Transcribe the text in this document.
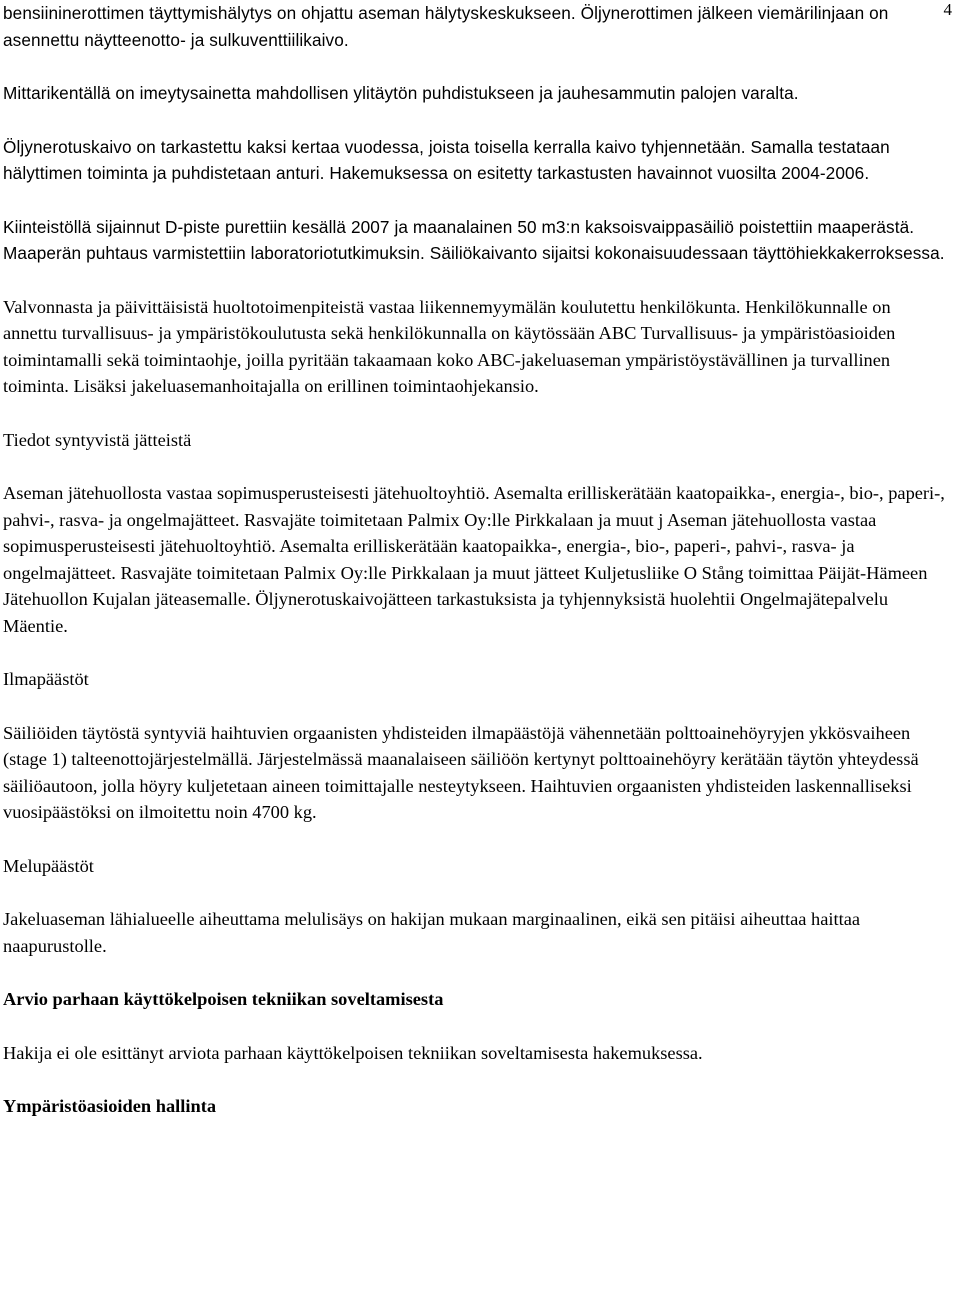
4

bensiininerottimen täyttymishälytys on ohjattu aseman hälytyskeskukseen. Öljynerottimen jälkeen viemärilinjaan on asennettu näytteenotto- ja sulkuventtiilikaivo.

Mittarikentällä on imeytysainetta mahdollisen ylitäytön puhdistukseen ja jauhesammutin palojen varalta.

Öljynerotuskaivo on tarkastettu kaksi kertaa vuodessa, joista toisella kerralla kaivo tyhjennetään. Samalla testataan hälyttimen toiminta ja puhdistetaan anturi. Hakemuksessa on esitetty tarkastusten havainnot vuosilta 2004-2006.

Kiinteistöllä sijainnut D-piste purettiin kesällä 2007 ja maanalainen 50 m3:n kaksoisvaippasäiliö poistettiin maaperästä. Maaperän puhtaus varmistettiin laboratoriotutkimuksin. Säiliökaivanto sijaitsi kokonaisuudessaan täyttöhiekkakerroksessa.

Valvonnasta ja päivittäisistä huoltotoimenpiteistä vastaa liikennemyymälän koulutettu henkilökunta. Henkilökunnalle on annettu turvallisuus- ja ympäristökoulutusta sekä henkilökunnalla on käytössään ABC Turvallisuus- ja ympäristöasioiden toimintamalli sekä toimintaohje, joilla pyritään takaamaan koko ABC-jakeluaseman ympäristöystävällinen ja turvallinen toiminta. Lisäksi jakeluasemanhoitajalla on erillinen toimintaohjekansio.

Tiedot syntyvistä jätteistä

Aseman jätehuollosta vastaa sopimusperusteisesti jätehuoltoyhtiö. Asemalta erilliskerätään kaatopaikka-, energia-, bio-, paperi-, pahvi-, rasva- ja ongelmajätteet. Rasvajäte toimitetaan Palmix Oy:lle Pirkkalaan ja muut j Aseman jätehuollosta vastaa sopimusperusteisesti jätehuoltoyhtiö. Asemalta erilliskerätään kaatopaikka-, energia-, bio-, paperi-, pahvi-, rasva- ja ongelmajätteet. Rasvajäte toimitetaan Palmix Oy:lle Pirkkalaan ja muut jätteet Kuljetusliike O Stång toimittaa Päijät-Hämeen Jätehuollon Kujalan jäteasemalle. Öljynerotuskaivojätteen tarkastuksista ja tyhjennyksistä huolehtii Ongelmajätepalvelu Mäentie.

Ilmapäästöt

Säiliöiden täytöstä syntyviä haihtuvien orgaanisten yhdisteiden ilmapäästöjä vähennetään polttoainehöyryjen ykkösvaiheen (stage 1) talteenottojärjestelmällä. Järjestelmässä maanalaiseen säiliöön kertynyt polttoainehöyry kerätään täytön yhteydessä säiliöautoon, jolla höyry kuljetetaan aineen toimittajalle nesteytykseen. Haihtuvien orgaanisten yhdisteiden laskennalliseksi vuosipäästöksi on ilmoitettu noin 4700 kg.

Melupäästöt

Jakeluaseman lähialueelle aiheuttama melulisäys on hakijan mukaan marginaalinen, eikä sen pitäisi aiheuttaa haittaa naapurustolle.

Arvio parhaan käyttökelpoisen tekniikan soveltamisesta

Hakija ei ole esittänyt arviota parhaan käyttökelpoisen tekniikan soveltamisesta hakemuksessa.

Ympäristöasioiden hallinta
